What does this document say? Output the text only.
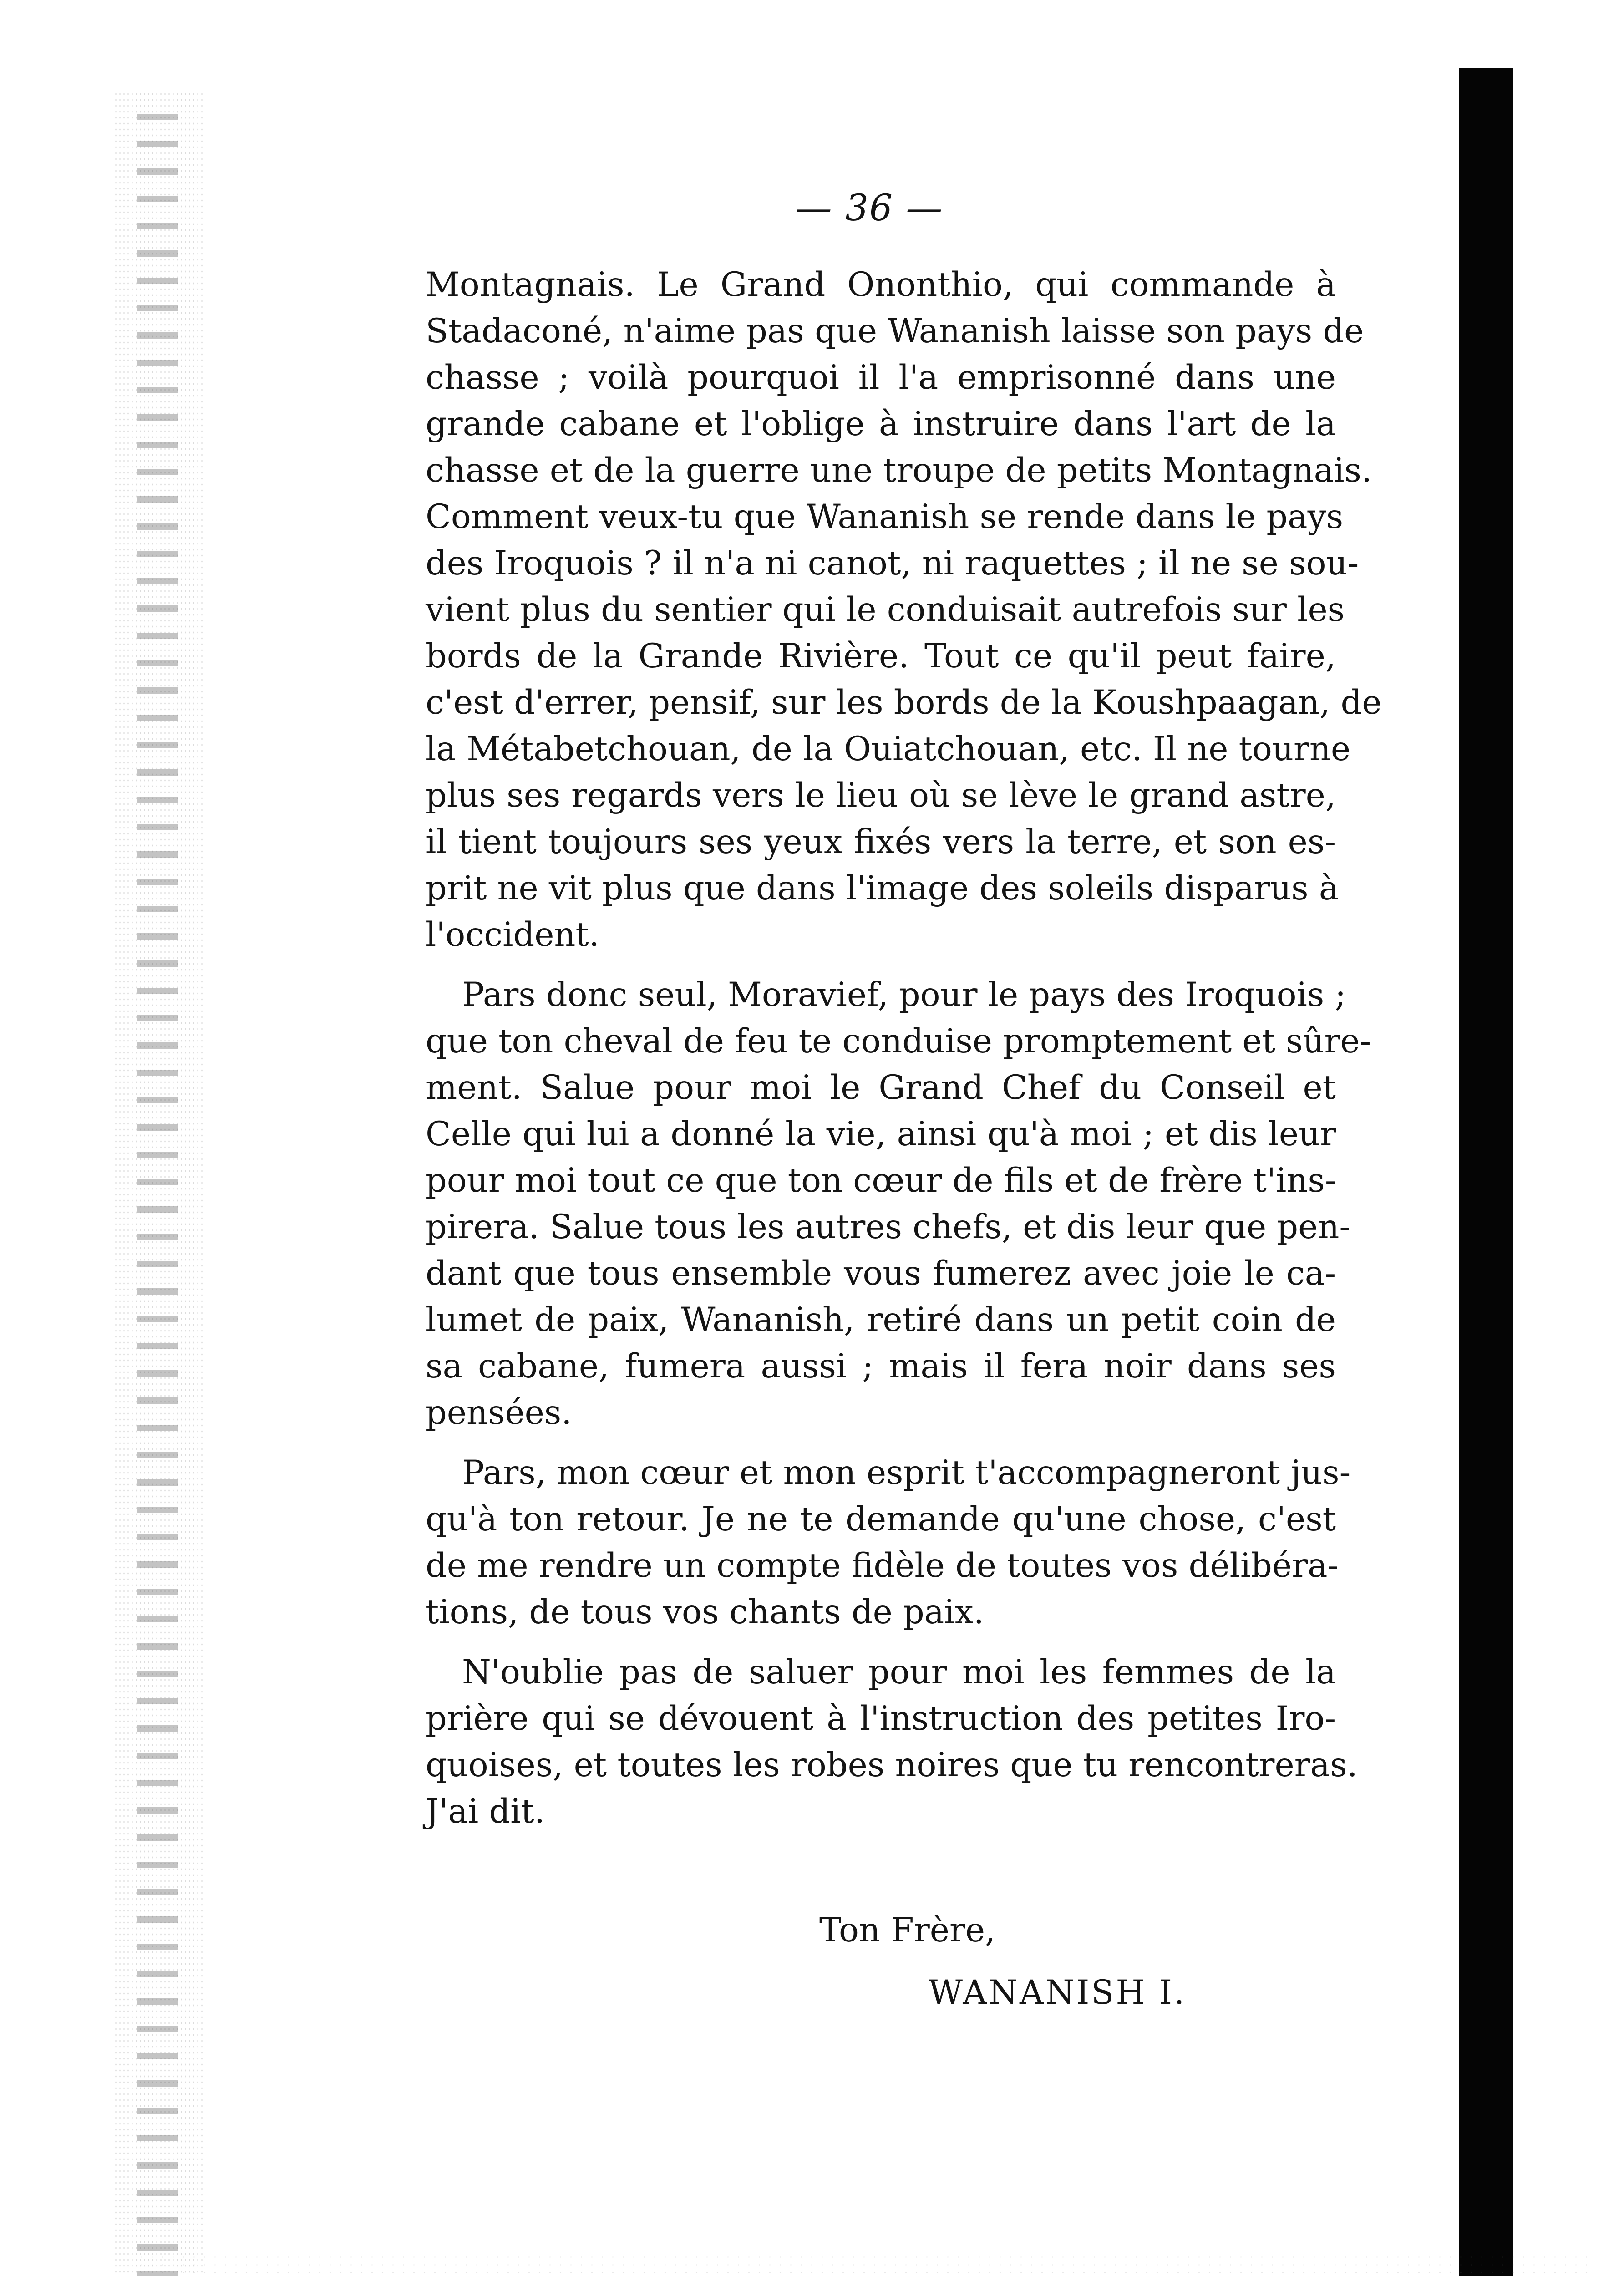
— 36 —

Montagnais. Le Grand Ononthio, qui commande à
Stadaconé, n'aime pas que Wananish laisse son pays de
chasse ; voilà pourquoi il l'a emprisonné dans une
grande cabane et l'oblige à instruire dans l'art de la
chasse et de la guerre une troupe de petits Montagnais.
Comment veux-tu que Wananish se rende dans le pays
des Iroquois ? il n'a ni canot, ni raquettes ; il ne se sou-
vient plus du sentier qui le conduisait autrefois sur les
bords de la Grande Rivière. Tout ce qu'il peut faire,
c'est d'errer, pensif, sur les bords de la Koushpaagan, de
la Métabetchouan, de la Ouiatchouan, etc. Il ne tourne
plus ses regards vers le lieu où se lève le grand astre,
il tient toujours ses yeux fixés vers la terre, et son es-
prit ne vit plus que dans l'image des soleils disparus à
l'occident.

Pars donc seul, Moravief, pour le pays des Iroquois ;
que ton cheval de feu te conduise promptement et sûre-
ment. Salue pour moi le Grand Chef du Conseil et
Celle qui lui a donné la vie, ainsi qu'à moi ; et dis leur
pour moi tout ce que ton cœur de fils et de frère t'ins-
pirera. Salue tous les autres chefs, et dis leur que pen-
dant que tous ensemble vous fumerez avec joie le ca-
lumet de paix, Wananish, retiré dans un petit coin de
sa cabane, fumera aussi ; mais il fera noir dans ses
pensées.

Pars, mon cœur et mon esprit t'accompagneront jus-
qu'à ton retour. Je ne te demande qu'une chose, c'est
de me rendre un compte fidèle de toutes vos délibéra-
tions, de tous vos chants de paix.

N'oublie pas de saluer pour moi les femmes de la
prière qui se dévouent à l'instruction des petites Iro-
quoises, et toutes les robes noires que tu rencontreras.
J'ai dit.

Ton Frère,
WANANISH I.
